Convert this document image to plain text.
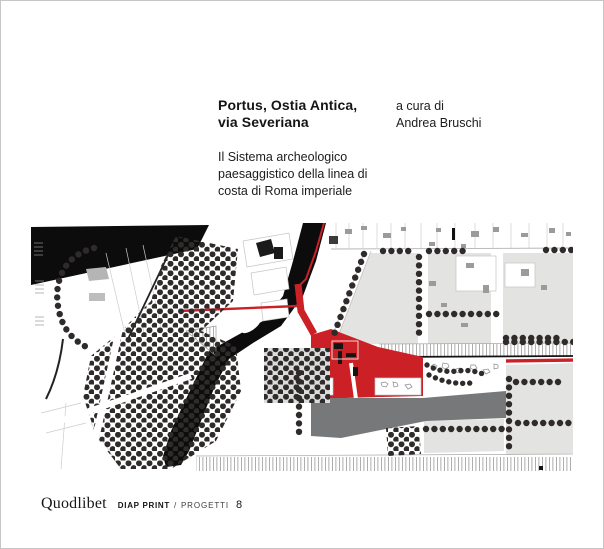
Portus, Ostia Antica,
via Severiana
a cura di
Andrea Bruschi
Il Sistema archeologico
paesaggistico della linea di
costa di Roma imperiale
Quodlibet DIAP PRINT / PROGETTI 8
